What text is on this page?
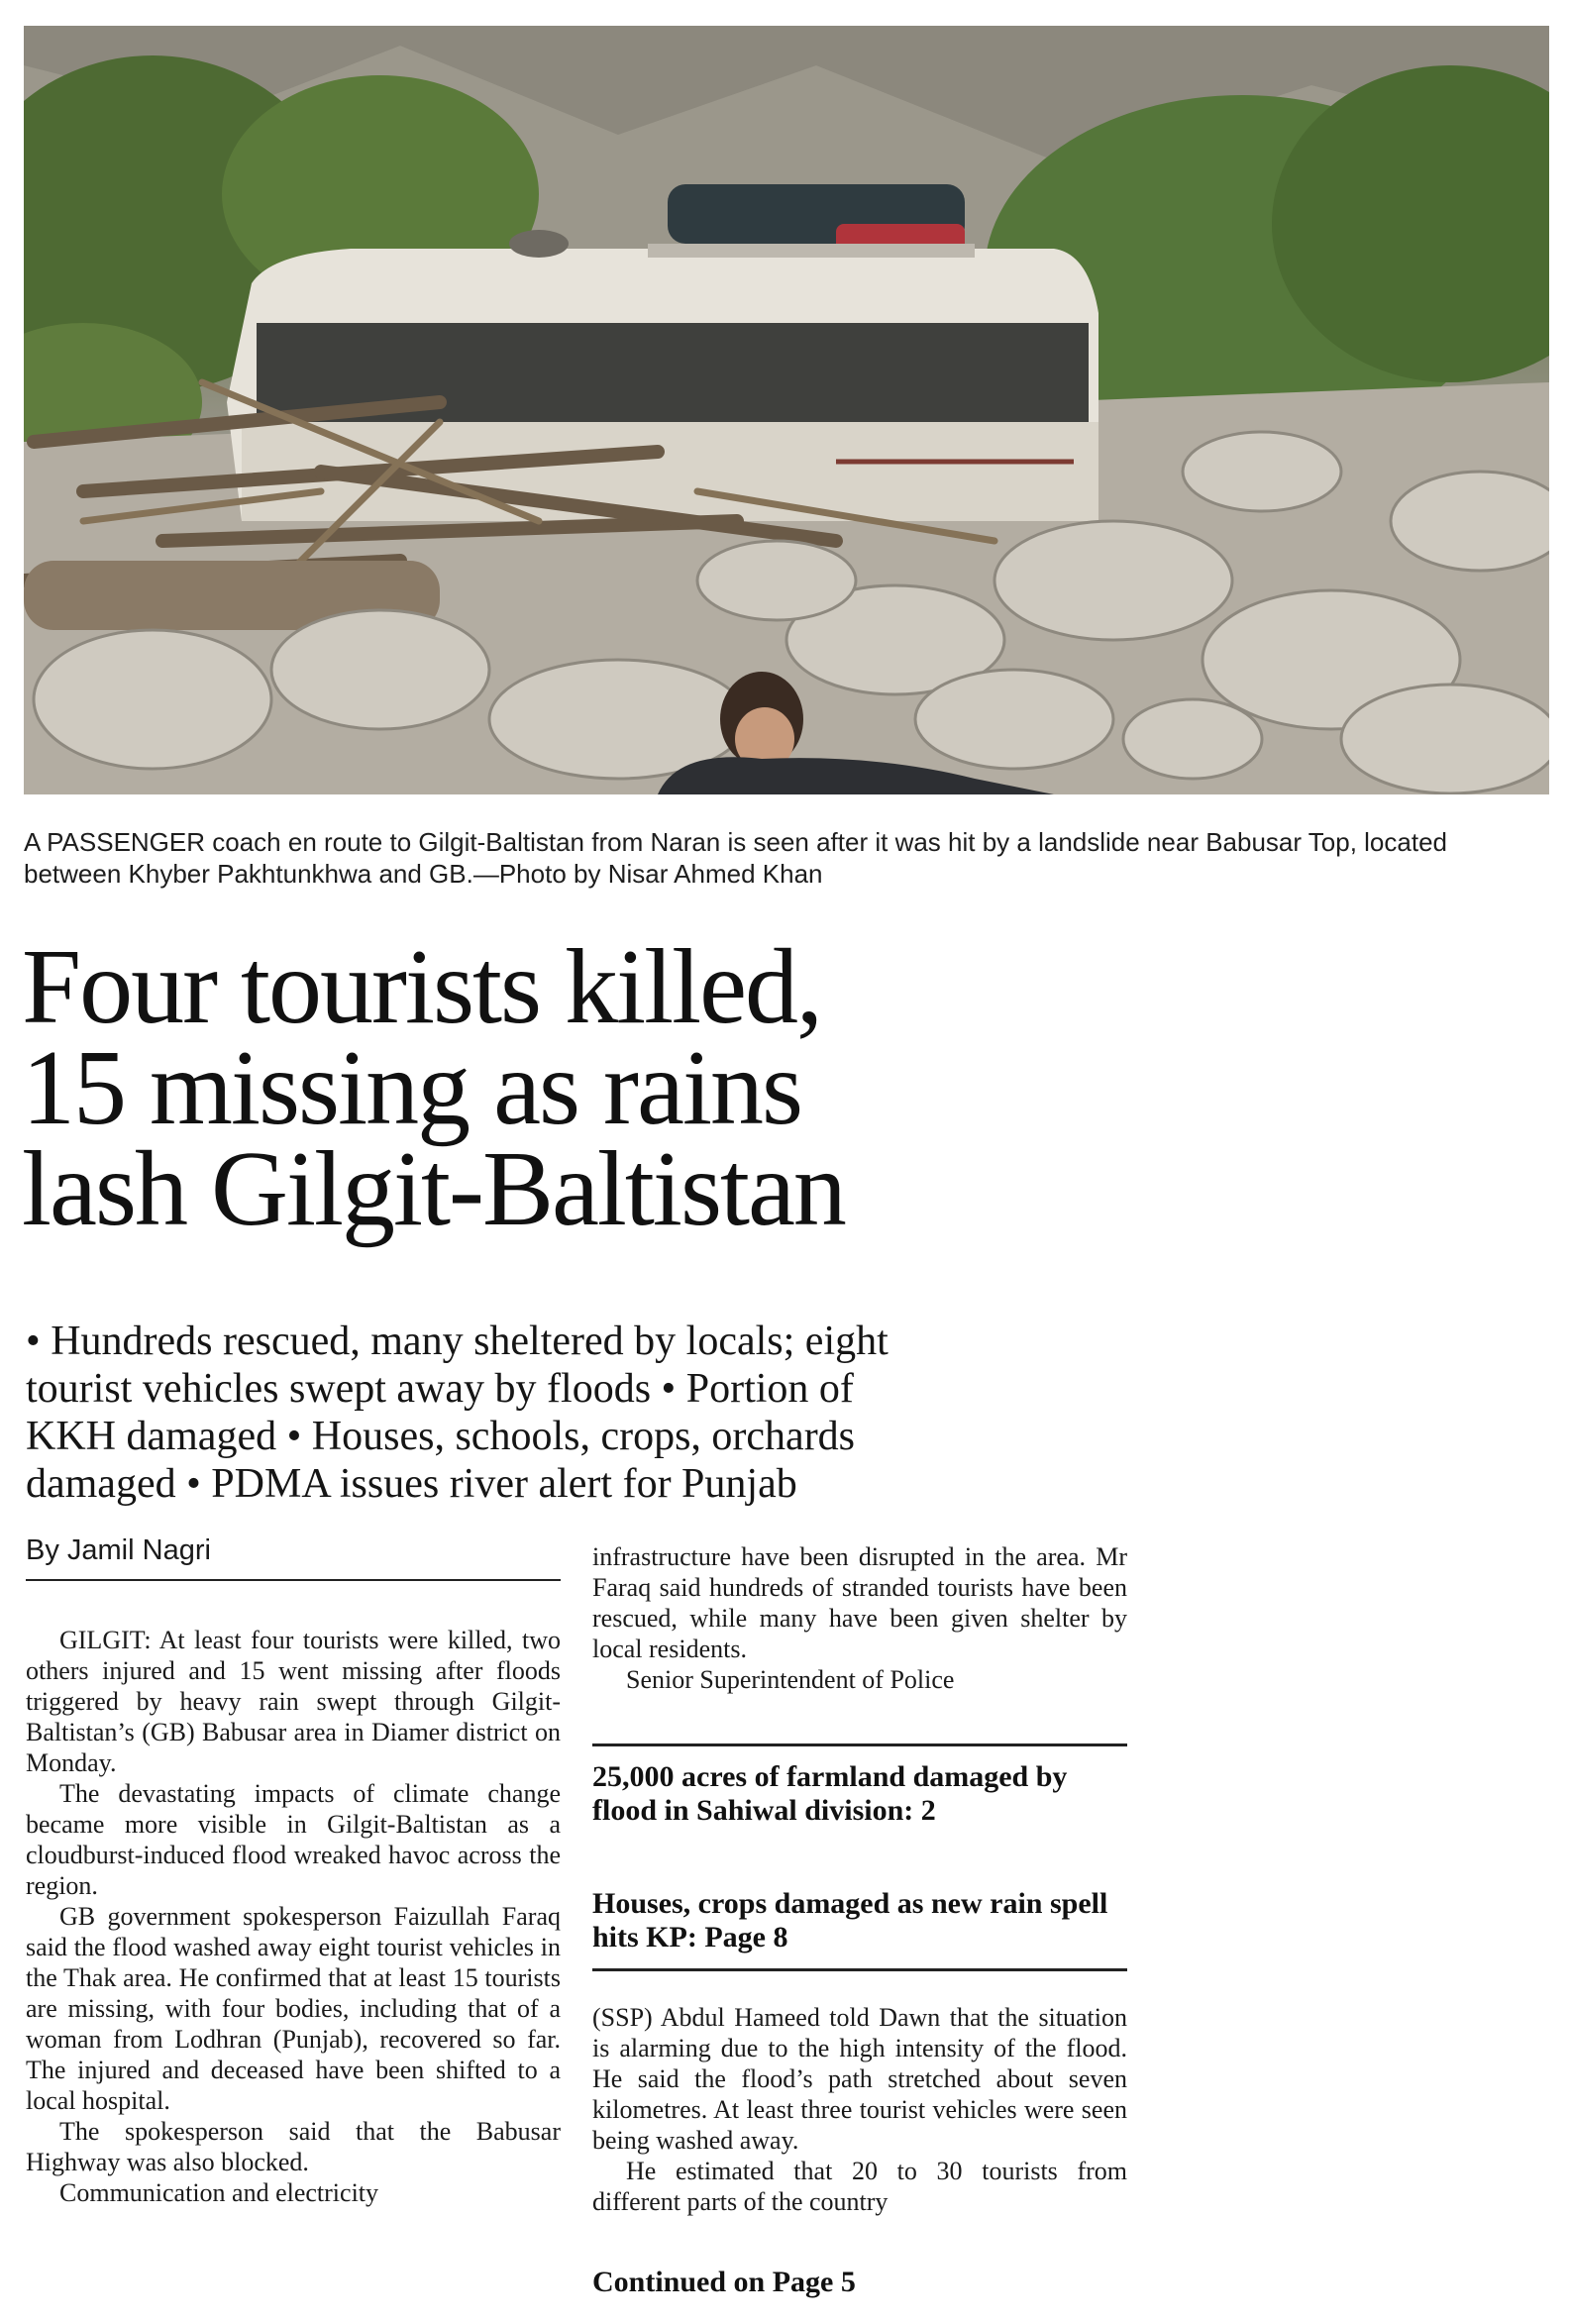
A PASSENGER coach en route to Gilgit-Baltistan from Naran is seen after it was hit by a landslide near Babusar Top, located between Khyber Pakhtunkhwa and GB.—Photo by Nisar Ahmed Khan

Four tourists killed,
15 missing as rains
lash Gilgit-Baltistan
• Hundreds rescued, many sheltered by locals; eight
tourist vehicles swept away by floods • Portion of
KKH damaged • Houses, schools, crops, orchards
damaged • PDMA issues river alert for Punjab

By Jamil Nagri

GILGIT: At least four tourists were killed, two others injured and 15 went missing after floods triggered by heavy rain swept through Gilgit-Baltistan’s (GB) Babusar area in Diamer district on Monday.

The devastating impacts of climate change became more visible in Gilgit-Baltistan as a cloudburst-induced flood wreaked havoc across the region.

GB government spokesperson Faizullah Faraq said the flood washed away eight tourist vehicles in the Thak area. He confirmed that at least 15 tourists are missing, with four bodies, including that of a woman from Lodhran (Punjab), recovered so far. The injured and deceased have been shifted to a local hospital.

The spokesperson said that the Babusar Highway was also blocked.

Communication and electricity

infrastructure have been disrupted in the area. Mr Faraq said hundreds of stranded tourists have been rescued, while many have been given shelter by local residents.

Senior Superintendent of Police

25,000 acres of farmland damaged by flood in Sahiwal division: 2
Houses, crops damaged as new rain spell hits KP: Page 8

(SSP) Abdul Hameed told Dawn that the situation is alarming due to the high intensity of the flood. He said the flood’s path stretched about seven kilometres. At least three tourist vehicles were seen being washed away.

He estimated that 20 to 30 tourists from different parts of the country

Continued on Page 5
